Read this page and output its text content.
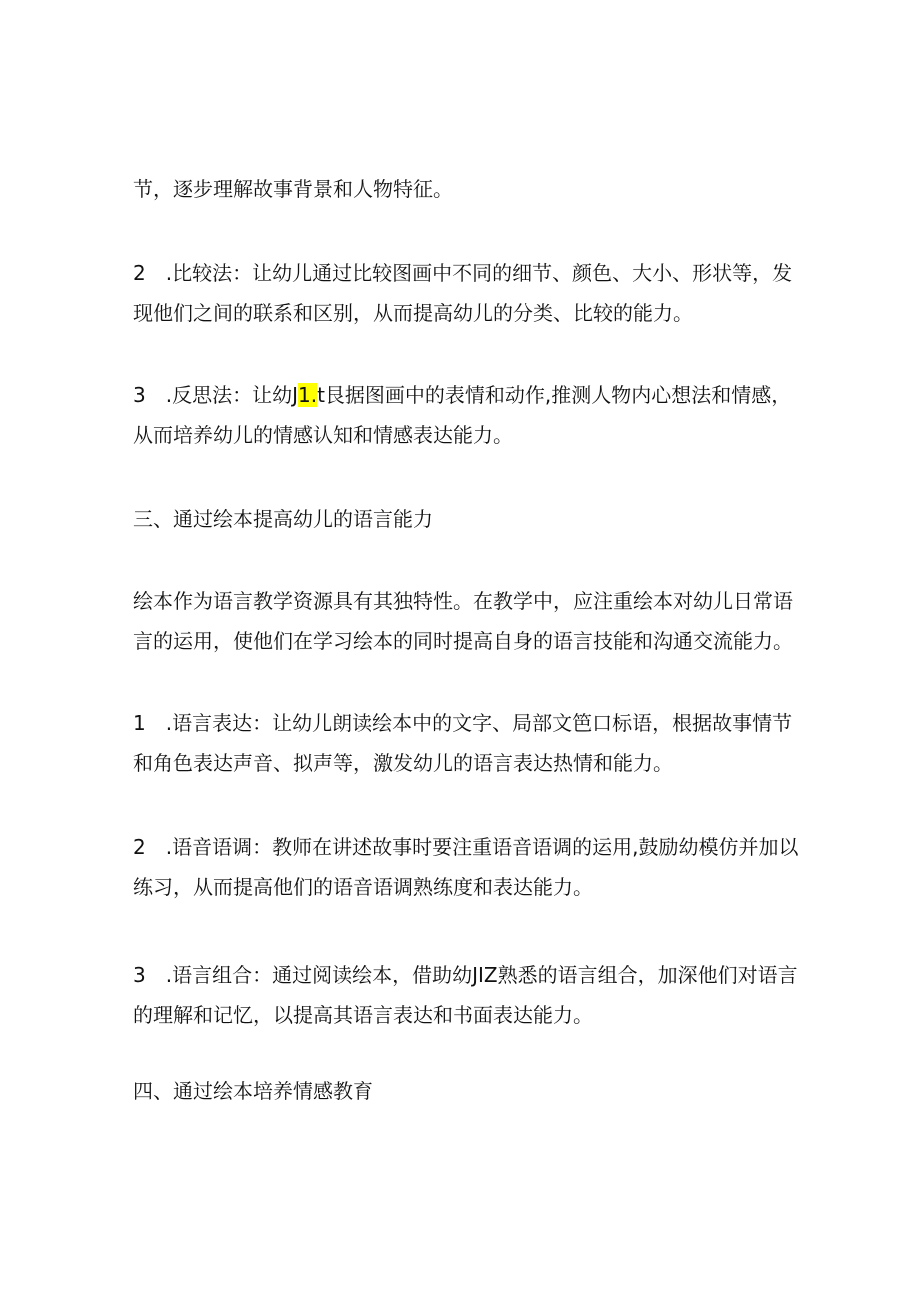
节，逐步理解故事背景和人物特征。

2　.比较法：让幼儿通过比较图画中不同的细节、颜色、大小、形状等，发
现他们之间的联系和区别，从而提高幼儿的分类、比较的能力。

3　.反思法：让幼J1.t艮据图画中的表情和动作,推测人物内心想法和情感，
从而培养幼儿的情感认知和情感表达能力。

三、通过绘本提高幼儿的语言能力

绘本作为语言教学资源具有其独特性。在教学中，应注重绘本对幼儿日常语
言的运用，使他们在学习绘本的同时提高自身的语言技能和沟通交流能力。

1　.语言表达：让幼儿朗读绘本中的文字、局部文笆口标语，根据故事情节
和角色表达声音、拟声等，激发幼儿的语言表达热情和能力。

2　.语音语调：教师在讲述故事时要注重语音语调的运用,鼓励幼模仿并加以
练习，从而提高他们的语音语调熟练度和表达能力。

3　.语言组合：通过阅读绘本，借助幼JIZ熟悉的语言组合，加深他们对语言
的理解和记忆，以提高其语言表达和书面表达能力。

四、通过绘本培养情感教育
